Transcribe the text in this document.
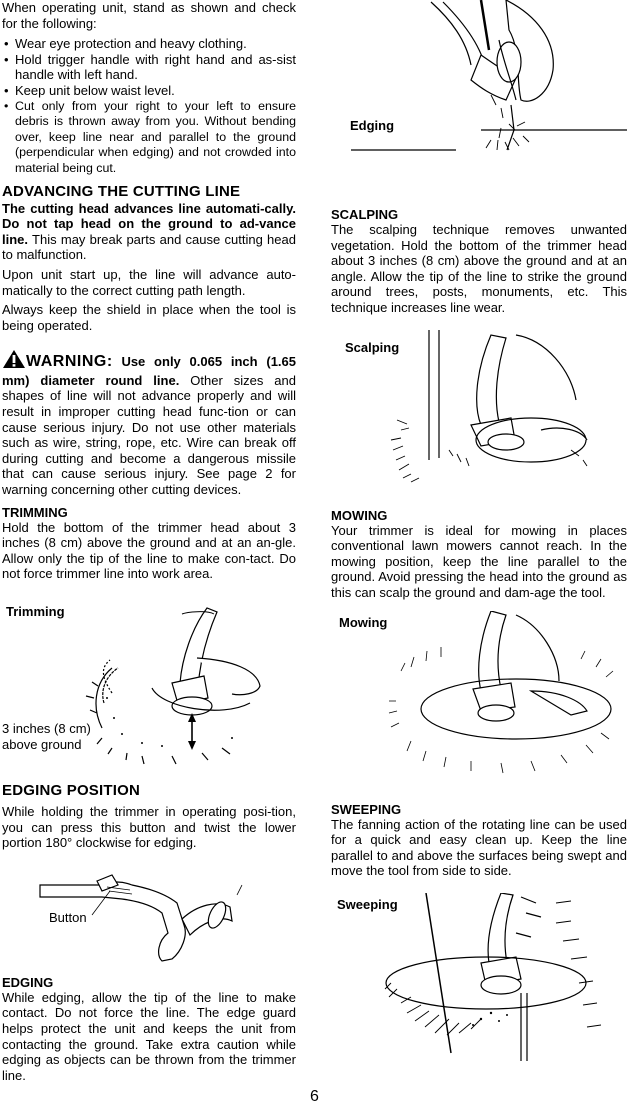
When operating unit, stand as shown and check for the following:

• Wear eye protection and heavy clothing.
• Hold trigger handle with right hand and as-sist handle with left hand.
• Keep unit below waist level.
• Cut only from your right to your left to ensure debris is thrown away from you. Without bending over, keep line near and parallel to the ground (perpendicular when edging) and not crowded into material being cut.
ADVANCING THE CUTTING LINE

The cutting head advances line automati-cally. Do not tap head on the ground to ad-vance line. This may break parts and cause cutting head to malfunction.

Upon unit start up, the line will advance auto-matically to the correct cutting path length.

Always keep the shield in place when the tool is being operated.

WARNING: Use only 0.065 inch (1.65 mm) diameter round line. Other sizes and shapes of line will not advance properly and will result in improper cutting head func-tion or can cause serious injury. Do not use other materials such as wire, string, rope, etc. Wire can break off during cutting and become a dangerous missile that can cause serious injury. See page 2 for warning concerning other cutting devices.

TRIMMING

Hold the bottom of the trimmer head about 3 inches (8 cm) above the ground and at an an-gle. Allow only the tip of the line to make con-tact. Do not force trimmer line into work area.

Trimming
3 inches (8 cm)
above ground
EDGING POSITION

While holding the trimmer in operating posi-tion, you can press this button and twist the lower portion 180° clockwise for edging.

Button
EDGING

While edging, allow the tip of the line to make contact. Do not force the line. The edge guard helps protect the unit and keeps the unit from contacting the ground. Take extra caution while edging as objects can be thrown from the trimmer line.

Edging
SCALPING

The scalping technique removes unwanted vegetation. Hold the bottom of the trimmer head about 3 inches (8 cm) above the ground and at an angle. Allow the tip of the line to strike the ground around trees, posts, monuments, etc. This technique increases line wear.

Scalping
MOWING

Your trimmer is ideal for mowing in places conventional lawn mowers cannot reach. In the mowing position, keep the line parallel to the ground. Avoid pressing the head into the ground as this can scalp the ground and dam-age the tool.

Mowing
SWEEPING

The fanning action of the rotating line can be used for a quick and easy clean up. Keep the line parallel to and above the surfaces being swept and move the tool from side to side.

Sweeping
6
